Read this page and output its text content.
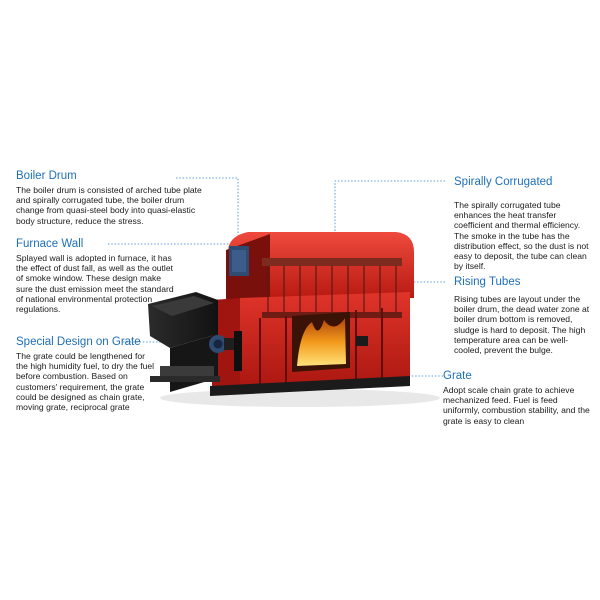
Boiler Drum
The boiler drum is consisted of arched tube plate and spirally corrugated tube, the boiler drum change from quasi-steel body into quasi-elastic body structure, reduce the stress.
Furnace Wall
Splayed wall is adopted in furnace, it has the effect of dust fall, as well as the outlet of smoke window. These design make sure the dust emission meet the standard of national environmental protection regulations.
Special Design on Grate
The grate could be lengthened for the high humidity fuel, to dry the fuel before combustion. Based on customers' requirement, the grate could be designed as chain grate, moving grate, reciprocal grate
Spirally Corrugated
The spirally corrugated tube enhances the heat transfer coefficient and thermal efficiency. The smoke in the tube has the distribution effect, so the dust is not easy to deposit, the tube can clean by itself.
Rising Tubes
Rising tubes are layout under the boiler drum, the dead water zone at boiler drum bottom is removed, sludge is hard to deposit. The high temperature area can be well-cooled, prevent the bulge.
Grate
Adopt scale chain grate to achieve mechanized feed. Fuel is feed uniformly, combustion stability, and the grate is easy to clean
